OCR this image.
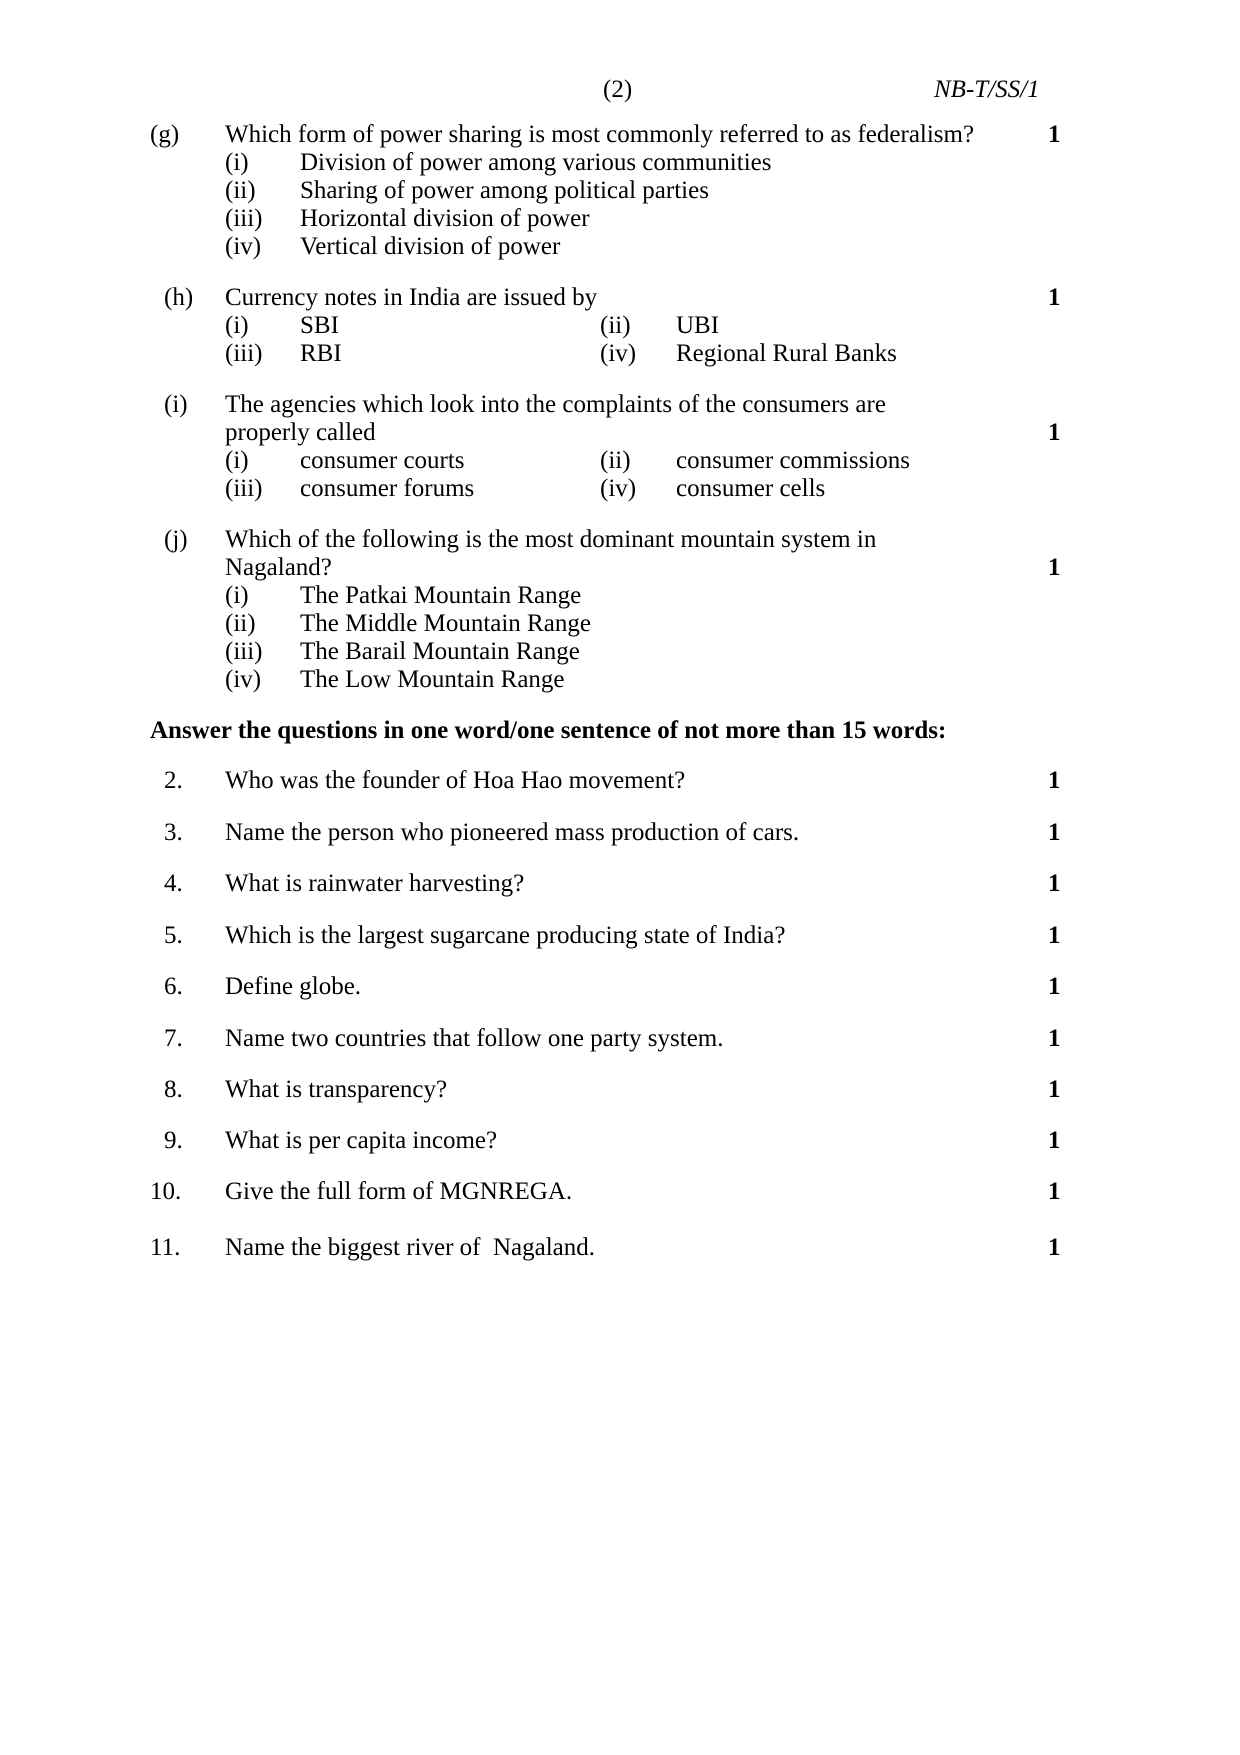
(2)	NB-T/SS/1
(g) Which form of power sharing is most commonly referred to as federalism?	1
(i) Division of power among various communities
(ii) Sharing of power among political parties
(iii) Horizontal division of power
(iv) Vertical division of power
(h) Currency notes in India are issued by	1
(i) SBI	(ii) UBI
(iii) RBI	(iv) Regional Rural Banks
(i) The agencies which look into the complaints of the consumers are
properly called	1
(i) consumer courts	(ii) consumer commissions
(iii) consumer forums	(iv) consumer cells
(j) Which of the following is the most dominant mountain system in
Nagaland?	1
(i) The Patkai Mountain Range
(ii) The Middle Mountain Range
(iii) The Barail Mountain Range
(iv) The Low Mountain Range
Answer the questions in one word/one sentence of not more than 15 words:
2. Who was the founder of Hoa Hao movement?	1
3. Name the person who pioneered mass production of cars.	1
4. What is rainwater harvesting?	1
5. Which is the largest sugarcane producing state of India?	1
6. Define globe.	1
7. Name two countries that follow one party system.	1
8. What is transparency?	1
9. What is per capita income?	1
10. Give the full form of MGNREGA.	1
11. Name the biggest river of  Nagaland.	1
